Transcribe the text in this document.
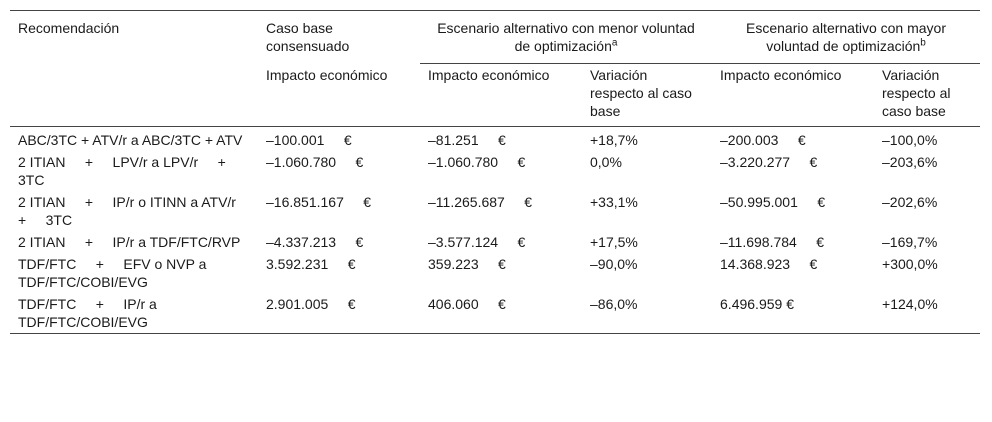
Recomendación	Caso base consensuado	Escenario alternativo con menor voluntad de optimización$^a$		Escenario alternativo con mayor voluntad de optimización$^b$
	Impacto económico	Impacto económico	Variación respecto al caso base	Impacto económico	Variación respecto al caso base
ABC/3TC + ATV/r a ABC/3TC + ATV	–100.001     €	–81.251     €	+18,7%	–200.003     €	–100,0%
2 ITIAN     +     LPV/r a LPV/r     +     3TC	–1.060.780     €	–1.060.780     €	0,0%	–3.220.277     €	–203,6%
2 ITIAN     +     IP/r o ITINN a ATV/r     +     3TC	–16.851.167     €	–11.265.687     €	+33,1%	–50.995.001     €	–202,6%
2 ITIAN     +     IP/r a TDF/FTC/RVP	–4.337.213     €	–3.577.124     €	+17,5%	–11.698.784     €	–169,7%
TDF/FTC     +     EFV o NVP a TDF/FTC/COBI/EVG	3.592.231     €	359.223     €	–90,0%	14.368.923     €	+300,0%
TDF/FTC     +     IP/r a TDF/FTC/COBI/EVG	2.901.005     €	406.060     €	–86,0%	6.496.959 €	+124,0%
